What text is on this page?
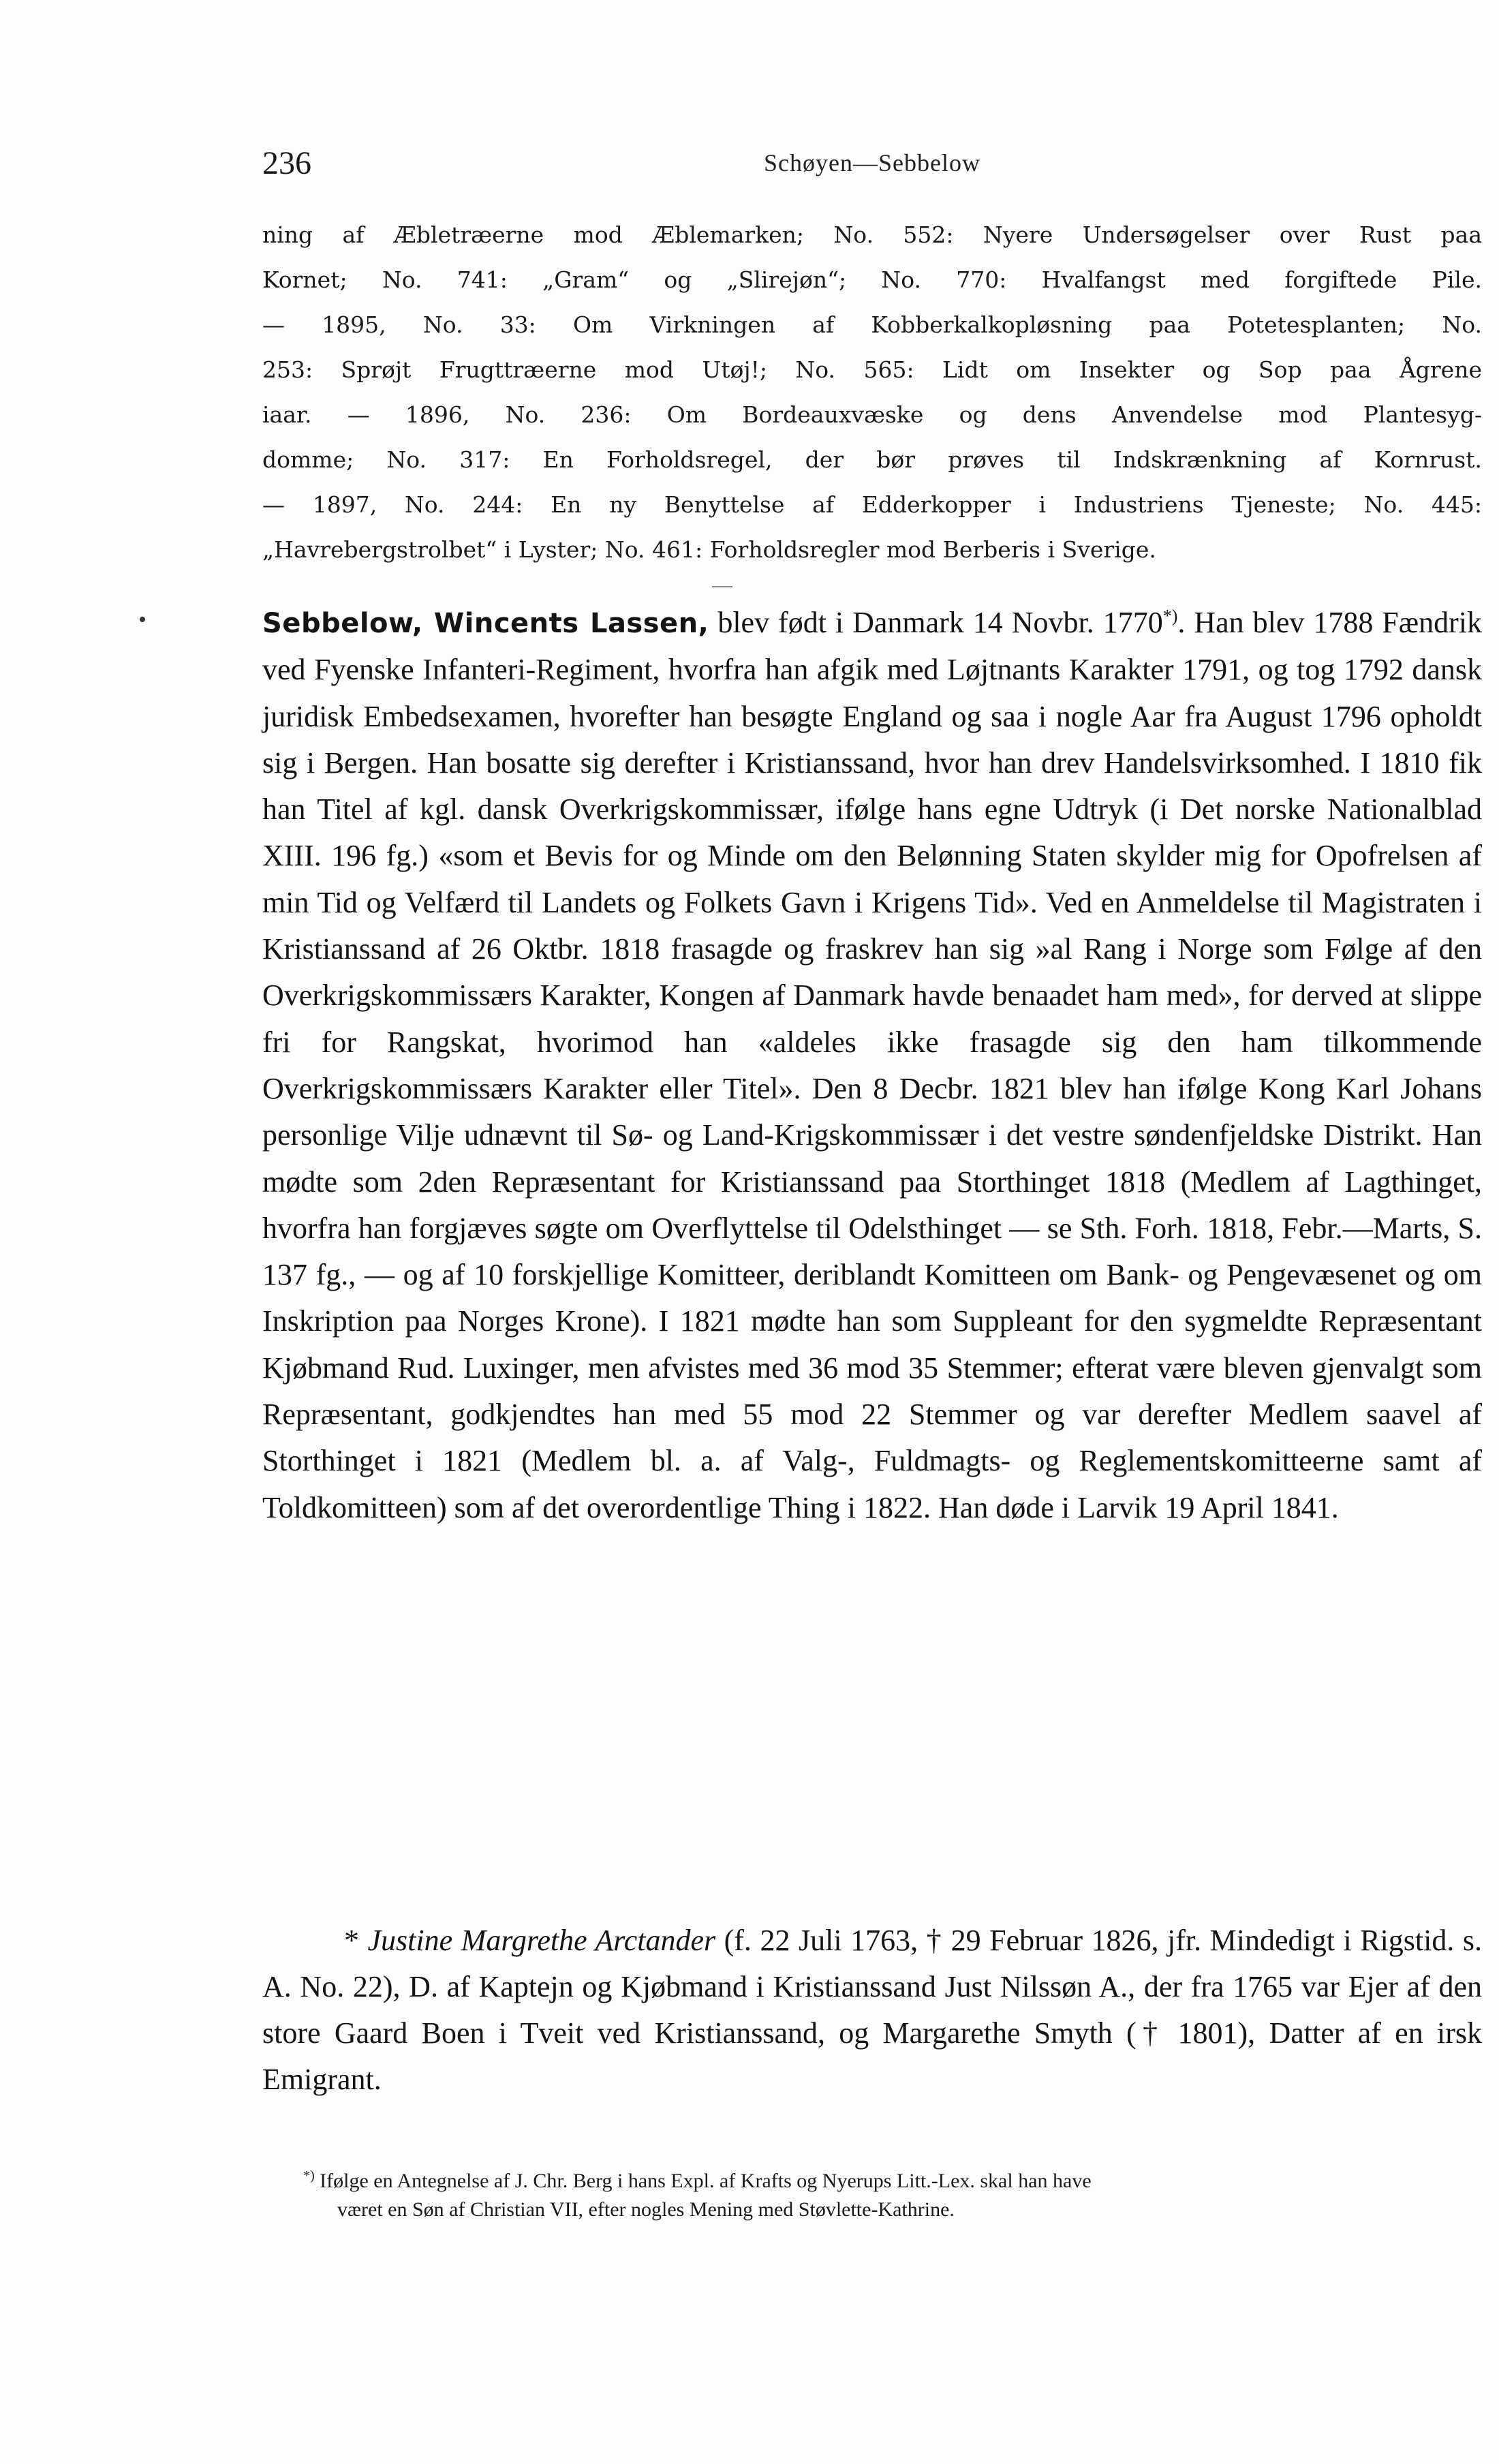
236	Schøyen—Sebbelow
ning af Æbletræerne mod Æblemarken; No. 552: Nyere Undersøgelser over Rust paa
Kornet; No. 741: „Gram“ og „Slirejøn“; No. 770: Hvalfangst med forgiftede Pile.
— 1895, No. 33: Om Virkningen af Kobberkalkopløsning paa Potetesplanten; No.
253: Sprøjt Frugttræerne mod Utøj!; No. 565: Lidt om Insekter og Sop paa Ågrene
iaar. — 1896, No. 236: Om Bordeauxvæske og dens Anvendelse mod Plantesyg-
domme; No. 317: En Forholdsregel, der bør prøves til Indskrænkning af Kornrust.
— 1897, No. 244: En ny Benyttelse af Edderkopper i Industriens Tjeneste; No. 445:
„Havrebergstrolbet“ i Lyster; No. 461: Forholdsregler mod Berberis i Sverige.
Sebbelow, Wincents Lassen, blev født i Danmark 14 Novbr. 1770*). Han blev 1788 Fændrik ved Fyenske Infanteri-Regiment, hvorfra han afgik med Løjtnants Karakter 1791, og tog 1792 dansk juridisk Embedsexamen, hvorefter han besøgte England og saa i nogle Aar fra August 1796 opholdt sig i Bergen. Han bosatte sig derefter i Kristianssand, hvor han drev Handelsvirksomhed. I 1810 fik han Titel af kgl. dansk Overkrigskommissær, ifølge hans egne Udtryk (i Det norske Nationalblad XIII. 196 fg.) «som et Bevis for og Minde om den Belønning Staten skylder mig for Opofrelsen af min Tid og Velfærd til Landets og Folkets Gavn i Krigens Tid». Ved en Anmeldelse til Magistraten i Kristianssand af 26 Oktbr. 1818 frasagde og fraskrev han sig »al Rang i Norge som Følge af den Overkrigskommissærs Karakter, Kongen af Danmark havde benaadet ham med», for derved at slippe fri for Rangskat, hvorimod han «aldeles ikke frasagde sig den ham tilkommende Overkrigskommissærs Karakter eller Titel». Den 8 Decbr. 1821 blev han ifølge Kong Karl Johans personlige Vilje udnævnt til Sø- og Land-Krigskommissær i det vestre søndenfjeldske Distrikt. Han mødte som 2den Repræsentant for Kristianssand paa Storthinget 1818 (Medlem af Lagthinget, hvorfra han forgjæves søgte om Overflyttelse til Odelsthinget — se Sth. Forh. 1818, Febr.—Marts, S. 137 fg., — og af 10 forskjellige Komitteer, deriblandt Komitteen om Bank- og Pengevæsenet og om Inskription paa Norges Krone). I 1821 mødte han som Suppleant for den sygmeldte Repræsentant Kjøbmand Rud. Luxinger, men afvistes med 36 mod 35 Stemmer; efterat være bleven gjenvalgt som Repræsentant, godkjendtes han med 55 mod 22 Stemmer og var derefter Medlem saavel af Storthinget i 1821 (Medlem bl. a. af Valg-, Fuldmagts- og Reglementskomitteerne samt af Toldkomitteen) som af det overordentlige Thing i 1822. Han døde i Larvik 19 April 1841.
* Justine Margrethe Arctander (f. 22 Juli 1763, † 29 Februar 1826, jfr. Mindedigt i Rigstid. s. A. No. 22), D. af Kaptejn og Kjøbmand i Kristianssand Just Nilssøn A., der fra 1765 var Ejer af den store Gaard Boen i Tveit ved Kristianssand, og Margarethe Smyth († 1801), Datter af en irsk Emigrant.
*) Ifølge en Antegnelse af J. Chr. Berg i hans Expl. af Krafts og Nyerups Litt.-Lex. skal han have
været en Søn af Christian VII, efter nogles Mening med Støvlette-Kathrine.
